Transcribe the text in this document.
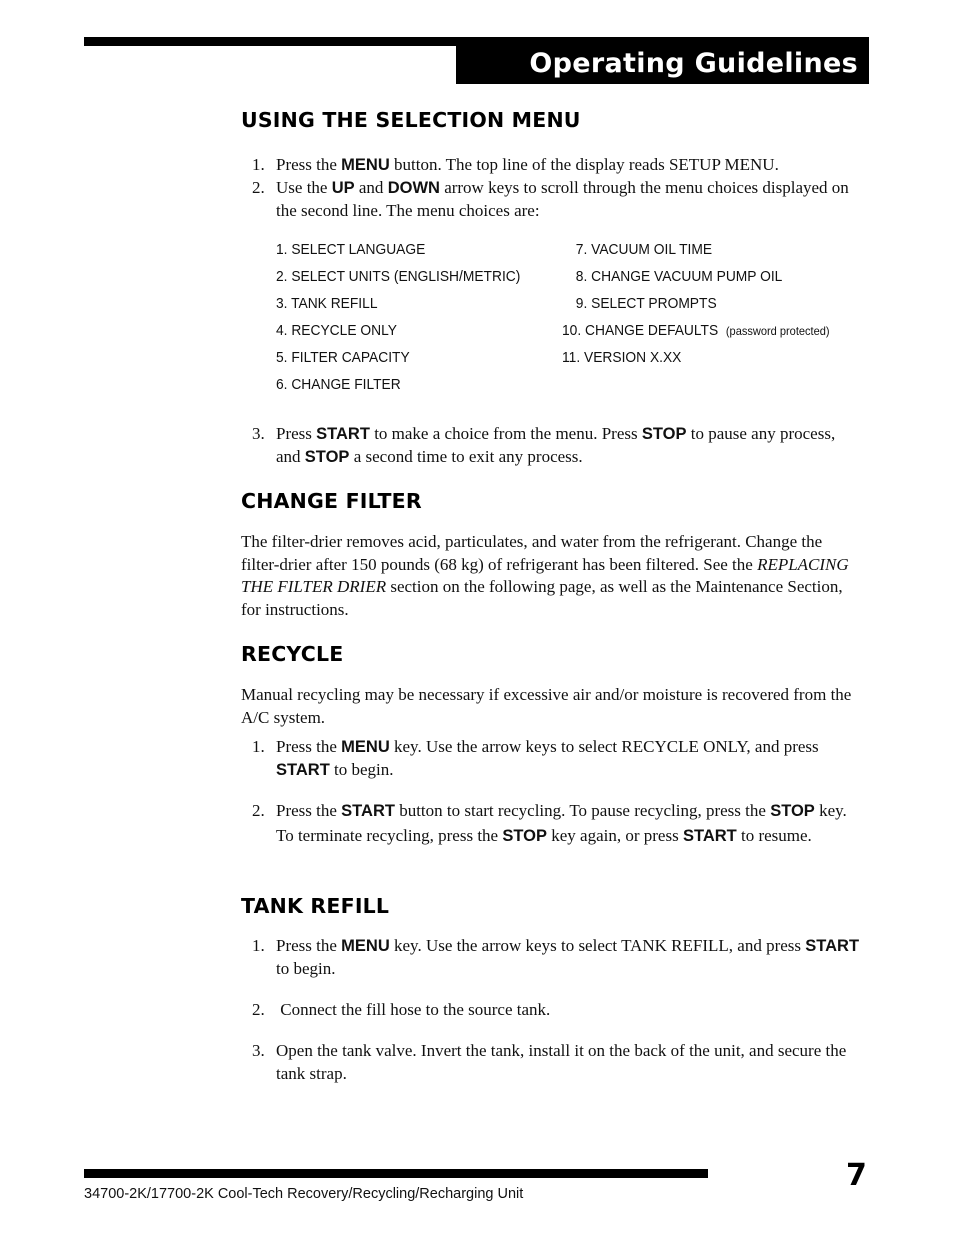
Operating Guidelines
USING THE SELECTION MENU
1. Press the MENU button. The top line of the display reads SETUP MENU.
2. Use the UP and DOWN arrow keys to scroll through the menu choices displayed on the second line. The menu choices are:
1. SELECT LANGUAGE
2. SELECT UNITS (ENGLISH/METRIC)
3. TANK REFILL
4. RECYCLE ONLY
5. FILTER CAPACITY
6. CHANGE FILTER
 7. VACUUM OIL TIME
 8. CHANGE VACUUM PUMP OIL
 9. SELECT PROMPTS
10. CHANGE DEFAULTS (password protected)
11. VERSION X.XX
3. Press START to make a choice from the menu. Press STOP to pause any process, and STOP a second time to exit any process.
CHANGE FILTER

The filter-drier removes acid, particulates, and water from the refrigerant. Change the filter-drier after 150 pounds (68 kg) of refrigerant has been filtered. See the REPLACING THE FILTER DRIER section on the following page, as well as the Maintenance Section, for instructions.

RECYCLE

Manual recycling may be necessary if excessive air and/or moisture is recovered from the A/C system.

1. Press the MENU key. Use the arrow keys to select RECYCLE ONLY, and press START to begin.
2. Press the START button to start recycling. To pause recycling, press the STOP key. To terminate recycling, press the STOP key again, or press START to resume.
TANK REFILL
1. Press the MENU key. Use the arrow keys to select TANK REFILL, and press START to begin.
2. Connect the fill hose to the source tank.
3. Open the tank valve. Invert the tank, install it on the back of the unit, and secure the tank strap.
7
34700-2K/17700-2K Cool-Tech Recovery/Recycling/Recharging Unit
